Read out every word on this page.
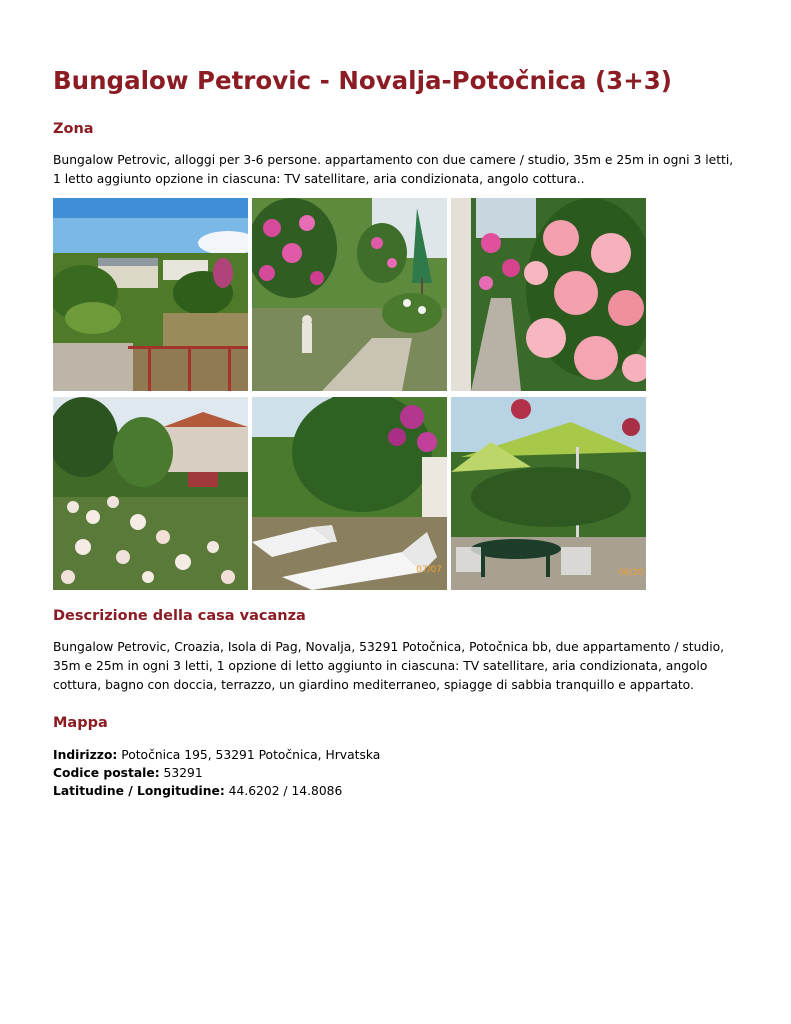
Bungalow Petrovic - Novalja-Potočnica (3+3)
Zona

Bungalow Petrovic, alloggi per 3-6 persone. appartamento con due camere / studio, 35m e 25m in ogni 3 letti, 1 letto aggiunto opzione in ciascuna: TV satellitare, aria condizionata, angolo cottura..

07/07	06/20
Descrizione della casa vacanza

Bungalow Petrovic, Croazia, Isola di Pag, Novalja, 53291 Potočnica, Potočnica bb, due appartamento / studio, 35m e 25m in ogni 3 letti, 1 opzione di letto aggiunto in ciascuna: TV satellitare, aria condizionata, angolo cottura, bagno con doccia, terrazzo, un giardino mediterraneo, spiagge di sabbia tranquillo e appartato.

Mappa
Indirizzo: Potočnica 195, 53291 Potočnica, Hrvatska
Codice postale: 53291
Latitudine / Longitudine: 44.6202 / 14.8086
